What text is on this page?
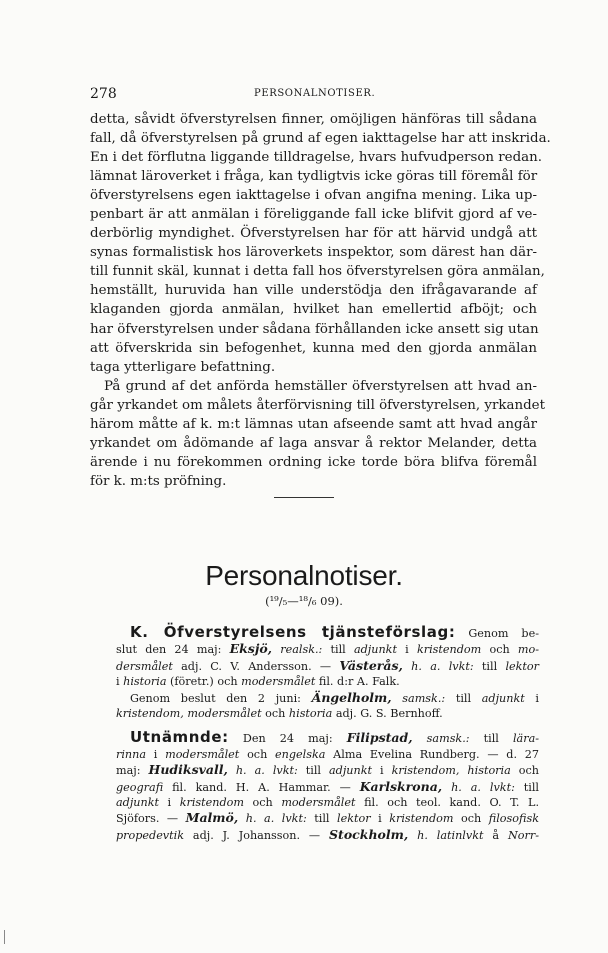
278	PERSONALNOTISER.
detta, såvidt öfverstyrelsen finner, omöjligen hänföras till sådana
fall, då öfverstyrelsen på grund af egen iakttagelse har att inskrida.
En i det förflutna liggande tilldragelse, hvars hufvudperson redan.
lämnat läroverket i fråga, kan tydligtvis icke göras till föremål för
öfverstyrelsens egen iakttagelse i ofvan angifna mening. Lika up-
penbart är att anmälan i föreliggande fall icke blifvit gjord af ve-
derbörlig myndighet. Öfverstyrelsen har för att härvid undgå att
synas formalistisk hos läroverkets inspektor, som därest han där-
till funnit skäl, kunnat i detta fall hos öfverstyrelsen göra anmälan,
hemställt, huruvida han ville understödja den ifrågavarande af
klaganden gjorda anmälan, hvilket han emellertid afböjt; och
har öfverstyrelsen under sådana förhållanden icke ansett sig utan
att öfverskrida sin befogenhet, kunna med den gjorda anmälan
taga ytterligare befattning.
På grund af det anförda hemställer öfverstyrelsen att hvad an-
går yrkandet om målets återförvisning till öfverstyrelsen, yrkandet
härom måtte af k. m:t lämnas utan afseende samt att hvad angår
yrkandet om ådömande af laga ansvar å rektor Melander, detta
ärende i nu förekommen ordning icke torde böra blifva föremål
för k. m:ts pröfning.
Personalnotiser.
(¹⁹/₅—¹⁸/₆ 09).
K. Öfverstyrelsens tjänsteförslag: Genom be-
slut den 24 maj: Eksjö, realsk.: till adjunkt i kristendom och mo-
dersmålet adj. C. V. Andersson. — Västerås, h. a. lvkt: till lektor
i historia (företr.) och modersmålet fil. d:r A. Falk.
Genom beslut den 2 juni: Ängelholm, samsk.: till adjunkt i
kristendom, modersmålet och historia adj. G. S. Bernhoff.
Utnämnde: Den 24 maj: Filipstad, samsk.: till lära-
rinna i modersmålet och engelska Alma Evelina Rundberg. — d. 27
maj: Hudiksvall, h. a. lvkt: till adjunkt i kristendom, historia och
geografi fil. kand. H. A. Hammar. — Karlskrona, h. a. lvkt: till
adjunkt i kristendom och modersmålet fil. och teol. kand. O. T. L.
Sjöfors. — Malmö, h. a. lvkt: till lektor i kristendom och filosofisk
propedevtik adj. J. Johansson. — Stockholm, h. latinlvkt å Norr-
